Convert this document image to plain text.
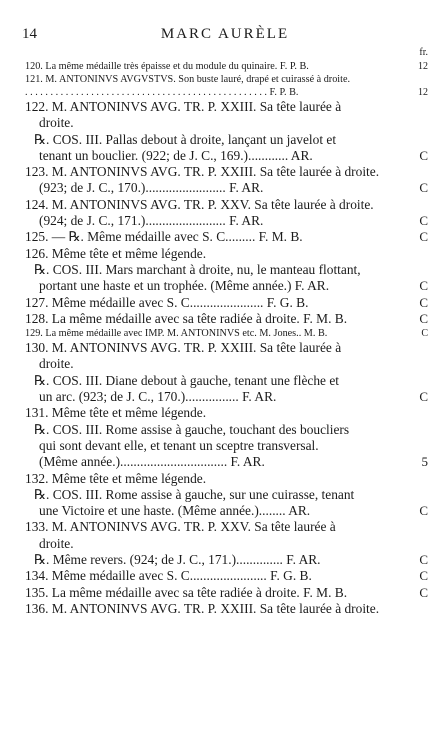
14	MARC AURÈLE
fr.
120. La même médaille très épaisse et du module du quinaire. F. P. B.	12
121. M. ANTONINVS AVGVSTVS. Son buste lauré, drapé et cuirassé à droite.
. . . . . . . . . . . . . . . . . . . . . . . . . . . . . . . . . . . . . . . . . . . . . . . . F. P. B.	12
122. M. ANTONINVS AVG. TR. P. XXIII. Sa tête laurée à
droite.
℞. COS. III. Pallas debout à droite, lançant un javelot et
tenant un bouclier. (922; de J. C., 169.)............ AR.	C
123. M. ANTONINVS AVG. TR. P. XXIII. Sa tête laurée à droite.
(923; de J. C., 170.)........................ F. AR.	C
124. M. ANTONINVS AVG. TR. P. XXV. Sa tête laurée à droite.
(924; de J. C., 171.)........................ F. AR.	C
125. — ℞. Même médaille avec S. C......... F. M. B.	C
126. Même tête et même légende.
℞. COS. III. Mars marchant à droite, nu, le manteau flottant,
portant une haste et un trophée. (Même année.) F. AR.	C
127. Même médaille avec S. C...................... F. G. B.	C
128. La même médaille avec sa tête radiée à droite. F. M. B.	C
129. La même médaille avec IMP. M. ANTONINVS etc. M. Jones.. M. B.	C
130. M. ANTONINVS AVG. TR. P. XXIII. Sa tête laurée à
droite.
℞. COS. III. Diane debout à gauche, tenant une flèche et
un arc. (923; de J. C., 170.)................ F. AR.	C
131. Même tête et même légende.
℞. COS. III. Rome assise à gauche, touchant des boucliers
qui sont devant elle, et tenant un sceptre transversal.
(Même année.)................................ F. AR.	5
132. Même tête et même légende.
℞. COS. III. Rome assise à gauche, sur une cuirasse, tenant
une Victoire et une haste. (Même année.)........ AR.	C
133. M. ANTONINVS AVG. TR. P. XXV. Sa tête laurée à
droite.
℞. Même revers. (924; de J. C., 171.).............. F. AR.	C
134. Même médaille avec S. C....................... F. G. B.	C
135. La même médaille avec sa tête radiée à droite. F. M. B.	C
136. M. ANTONINVS AVG. TR. P. XXIII. Sa tête laurée à droite.
